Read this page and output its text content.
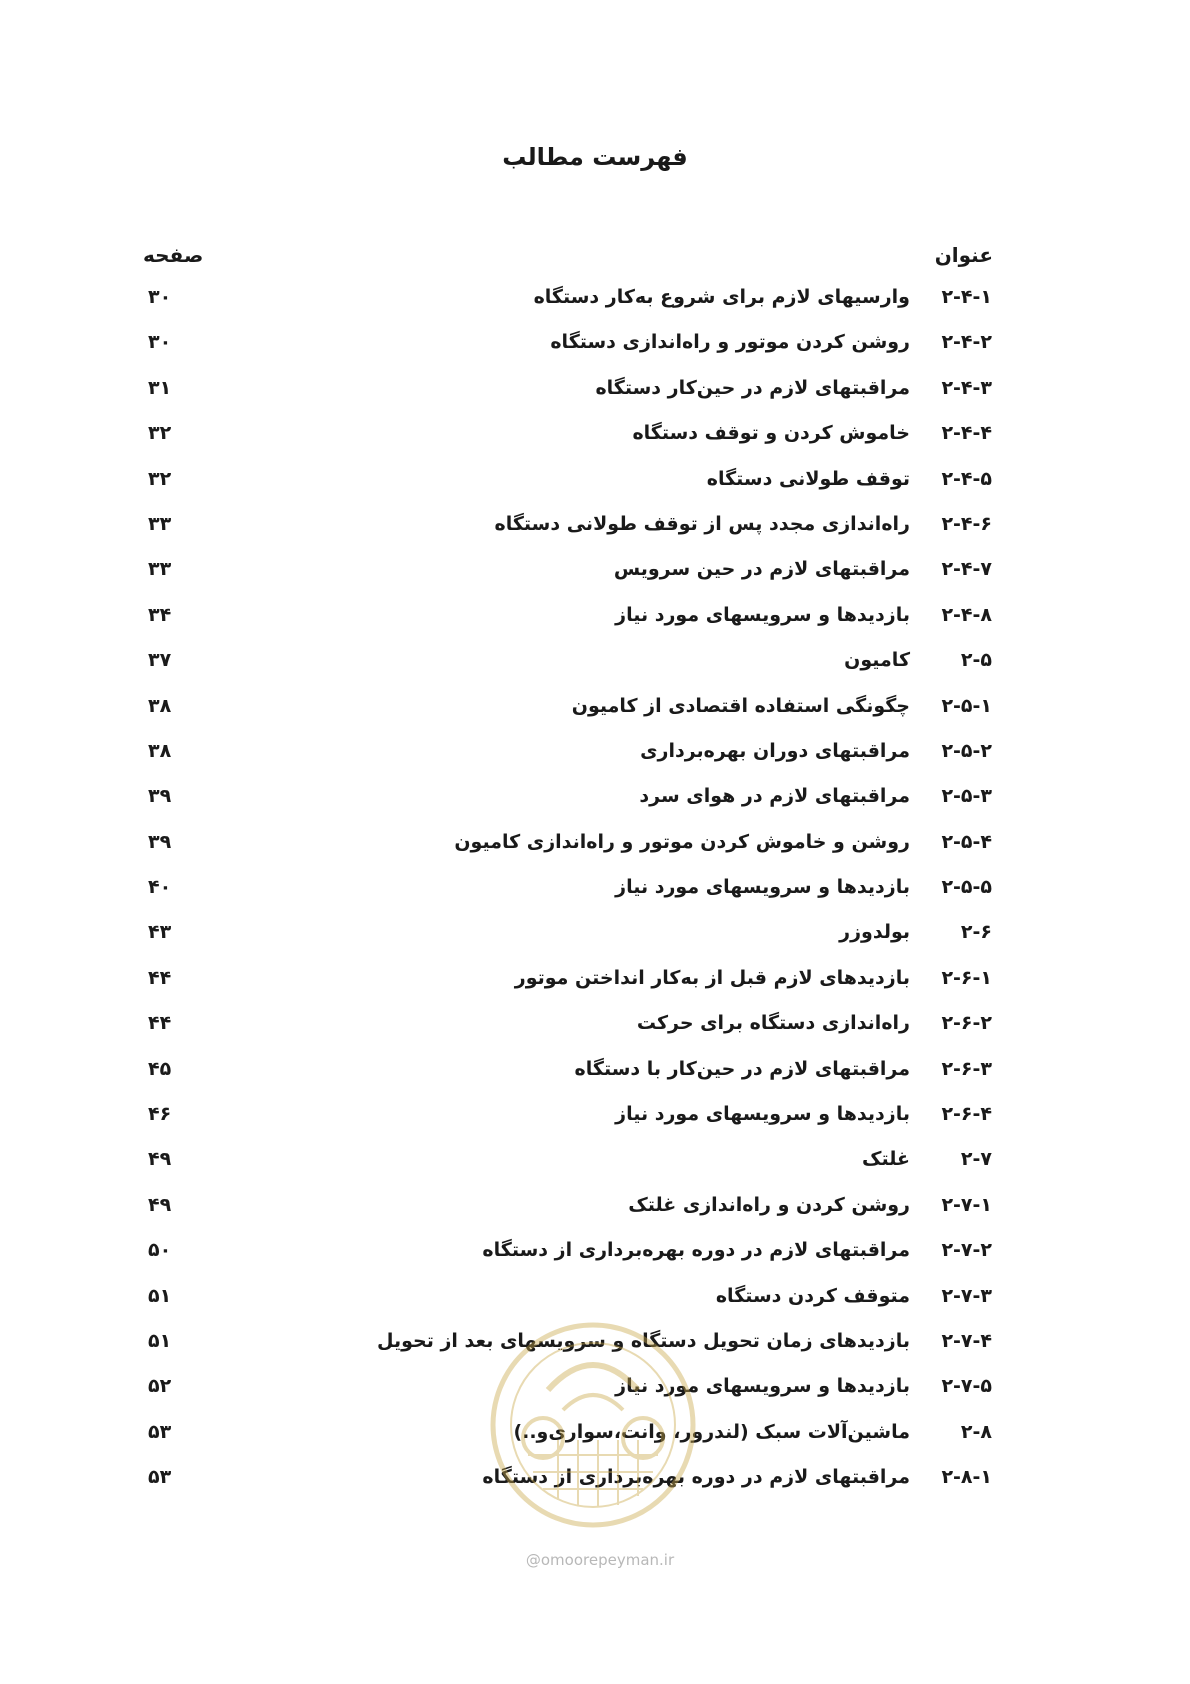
فهرست مطالب
عنوان
صفحه
۲-۴-۱
وارسیهای لازم برای شروع به‌کار دستگاه
۳۰
۲-۴-۲
روشن کردن موتور و راه‌اندازی دستگاه
۳۰
۲-۴-۳
مراقبتهای لازم در حین‌کار دستگاه
۳۱
۲-۴-۴
خاموش کردن و توقف دستگاه
۳۲
۲-۴-۵
توقف طولانی دستگاه
۳۲
۲-۴-۶
راه‌اندازی مجدد پس از توقف طولانی دستگاه
۳۳
۲-۴-۷
مراقبتهای لازم در حین سرویس
۳۳
۲-۴-۸
بازدیدها و سرویسهای مورد نیاز
۳۴
۲-۵
کامیون
۳۷
۲-۵-۱
چگونگی استفاده اقتصادی از کامیون
۳۸
۲-۵-۲
مراقبتهای دوران بهره‌برداری
۳۸
۲-۵-۳
مراقبتهای لازم در هوای سرد
۳۹
۲-۵-۴
روشن و خاموش کردن موتور و راه‌اندازی کامیون
۳۹
۲-۵-۵
بازدیدها و سرویسهای مورد نیاز
۴۰
۲-۶
بولدوزر
۴۳
۲-۶-۱
بازدیدهای لازم قبل از به‌کار انداختن موتور
۴۴
۲-۶-۲
راه‌اندازی دستگاه برای حرکت
۴۴
۲-۶-۳
مراقبتهای لازم در حین‌کار با دستگاه
۴۵
۲-۶-۴
بازدیدها و سرویسهای مورد نیاز
۴۶
۲-۷
غلتک
۴۹
۲-۷-۱
روشن کردن و راه‌اندازی غلتک
۴۹
۲-۷-۲
مراقبتهای لازم در دوره بهره‌برداری از دستگاه
۵۰
۲-۷-۳
متوقف کردن دستگاه
۵۱
۲-۷-۴
بازدیدهای زمان تحویل دستگاه و سرویسهای بعد از تحویل
۵۱
۲-۷-۵
بازدیدها و سرویسهای مورد نیاز
۵۲
۲-۸
ماشین‌آلات سبک (لندرور، وانت،سواری‌و..)
۵۳
۲-۸-۱
مراقبتهای لازم در دوره بهره‌برداری از دستگاه
۵۳
@omoorepeyman.ir
